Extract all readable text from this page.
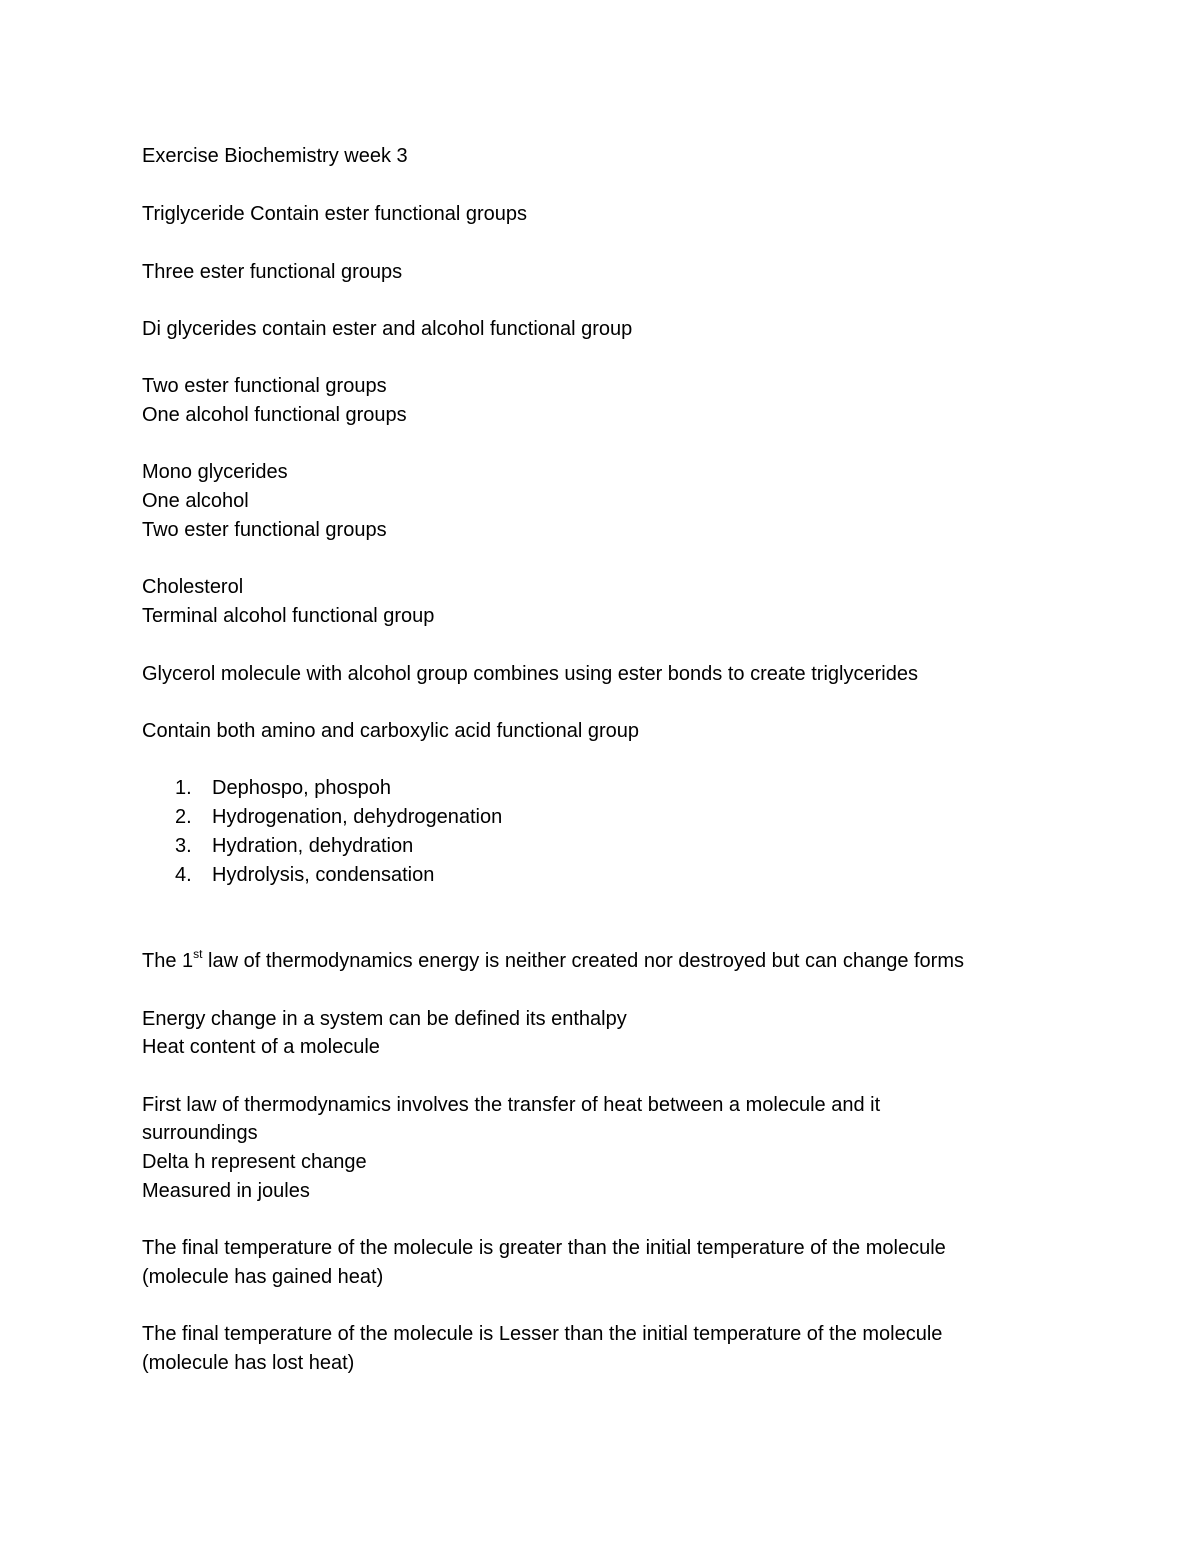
Exercise Biochemistry week 3
Triglyceride Contain ester functional groups
Three ester functional groups
Di glycerides contain ester and alcohol functional group
Two ester functional groups
One alcohol functional groups
Mono glycerides
One alcohol
Two ester functional groups
Cholesterol
Terminal alcohol functional group
Glycerol molecule with alcohol group combines using ester bonds to create triglycerides
Contain both amino and carboxylic acid functional group
1. Dephospo, phospoh
2. Hydrogenation, dehydrogenation
3. Hydration, dehydration
4. Hydrolysis, condensation
The 1st law of thermodynamics energy is neither created nor destroyed but can change forms
Energy change in a system can be defined its enthalpy
Heat content of a molecule
First law of thermodynamics involves the transfer of heat between a molecule and it
surroundings
Delta h represent change
Measured in joules
The final temperature of the molecule is greater than the initial temperature of the molecule
(molecule has gained heat)
The final temperature of the molecule is Lesser than the initial temperature of the molecule
(molecule has lost heat)
